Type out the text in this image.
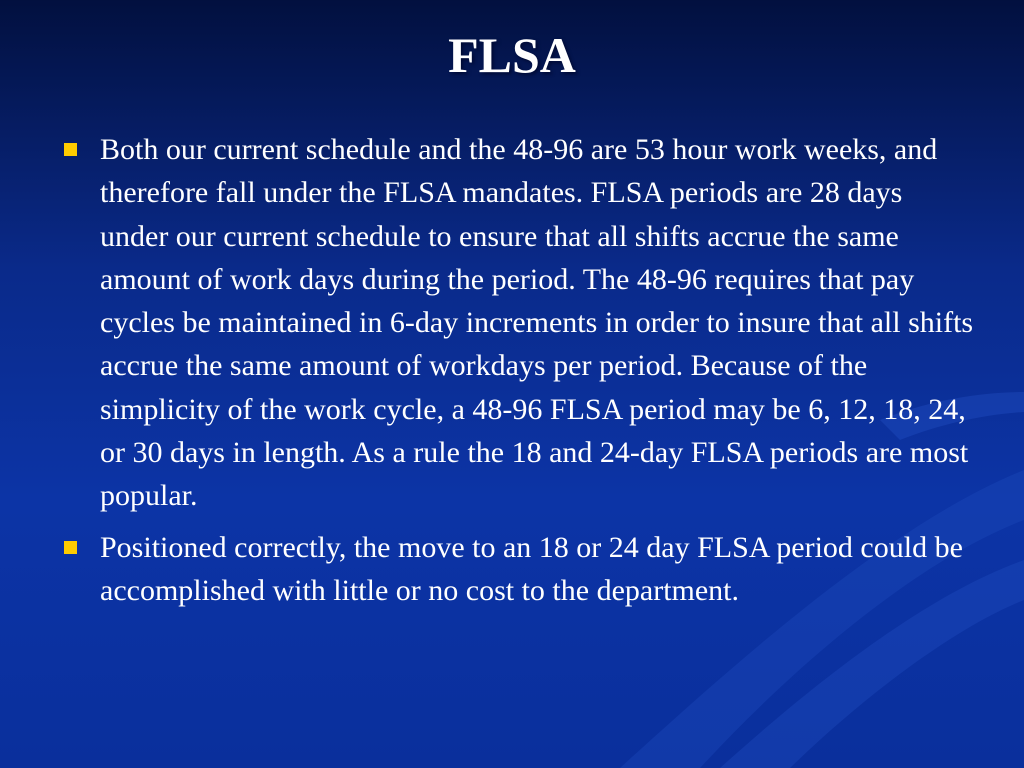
FLSA
Both our current schedule and the 48-96 are 53 hour work weeks, and therefore fall under the FLSA mandates. FLSA periods are 28 days under our current schedule to ensure that all shifts accrue the same amount of work days during the period. The 48-96 requires that pay cycles be maintained in 6-day increments in order to insure that all shifts accrue the same amount of workdays per period. Because of the simplicity of the work cycle, a 48-96 FLSA period may be 6, 12, 18, 24, or 30 days in length. As a rule the 18 and 24-day FLSA periods are most popular.
Positioned correctly, the move to an 18 or 24 day FLSA period could be accomplished with little or no cost to the department.
